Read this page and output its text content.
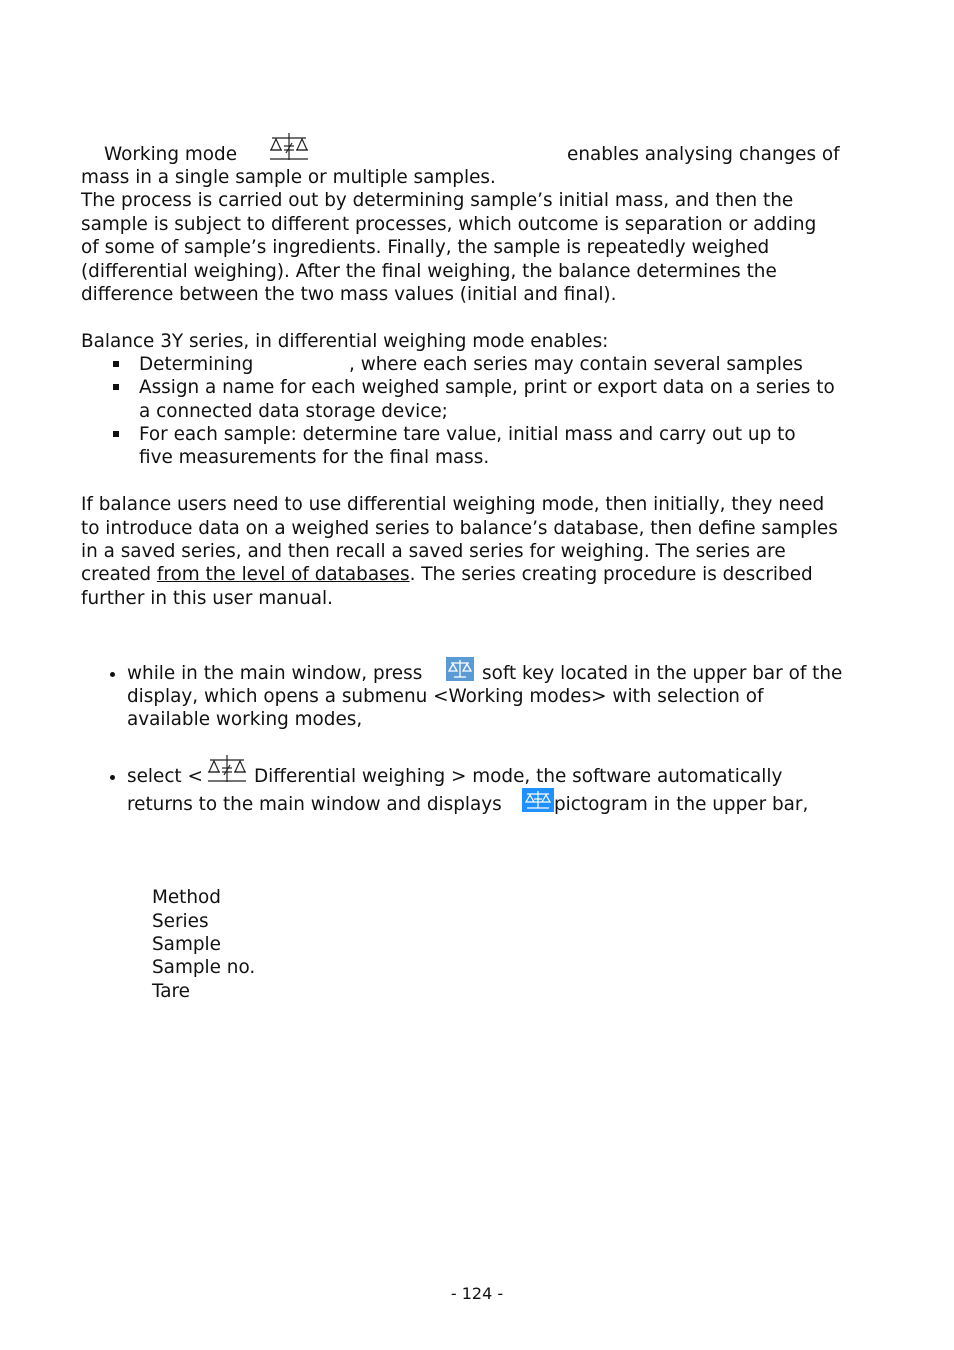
Working mode	enables analysing changes of
mass in a single sample or multiple samples.
The process is carried out by determining sample’s initial mass, and then the
sample is subject to different processes, which outcome is separation or adding
of some of sample’s ingredients. Finally, the sample is repeatedly weighed
(differential weighing). After the final weighing, the balance determines the
difference between the two mass values (initial and final).
Balance 3Y series, in differential weighing mode enables:
Determining	, where each series may contain several samples
Assign a name for each weighed sample, print or export data on a series to
a connected data storage device;
For each sample: determine tare value, initial mass and carry out up to
five measurements for the final mass.
If balance users need to use differential weighing mode, then initially, they need
to introduce data on a weighed series to balance’s database, then define samples
in a saved series, and then recall a saved series for weighing. The series are
created from the level of databases. The series creating procedure is described
further in this user manual.
while in the main window, press	soft key located in the upper bar of the
display, which opens a submenu <Working modes> with selection of
available working modes,
select <	Differential weighing > mode, the software automatically
returns to the main window and displays	pictogram in the upper bar,
Method
Series
Sample
Sample no.
Tare
- 124 -
